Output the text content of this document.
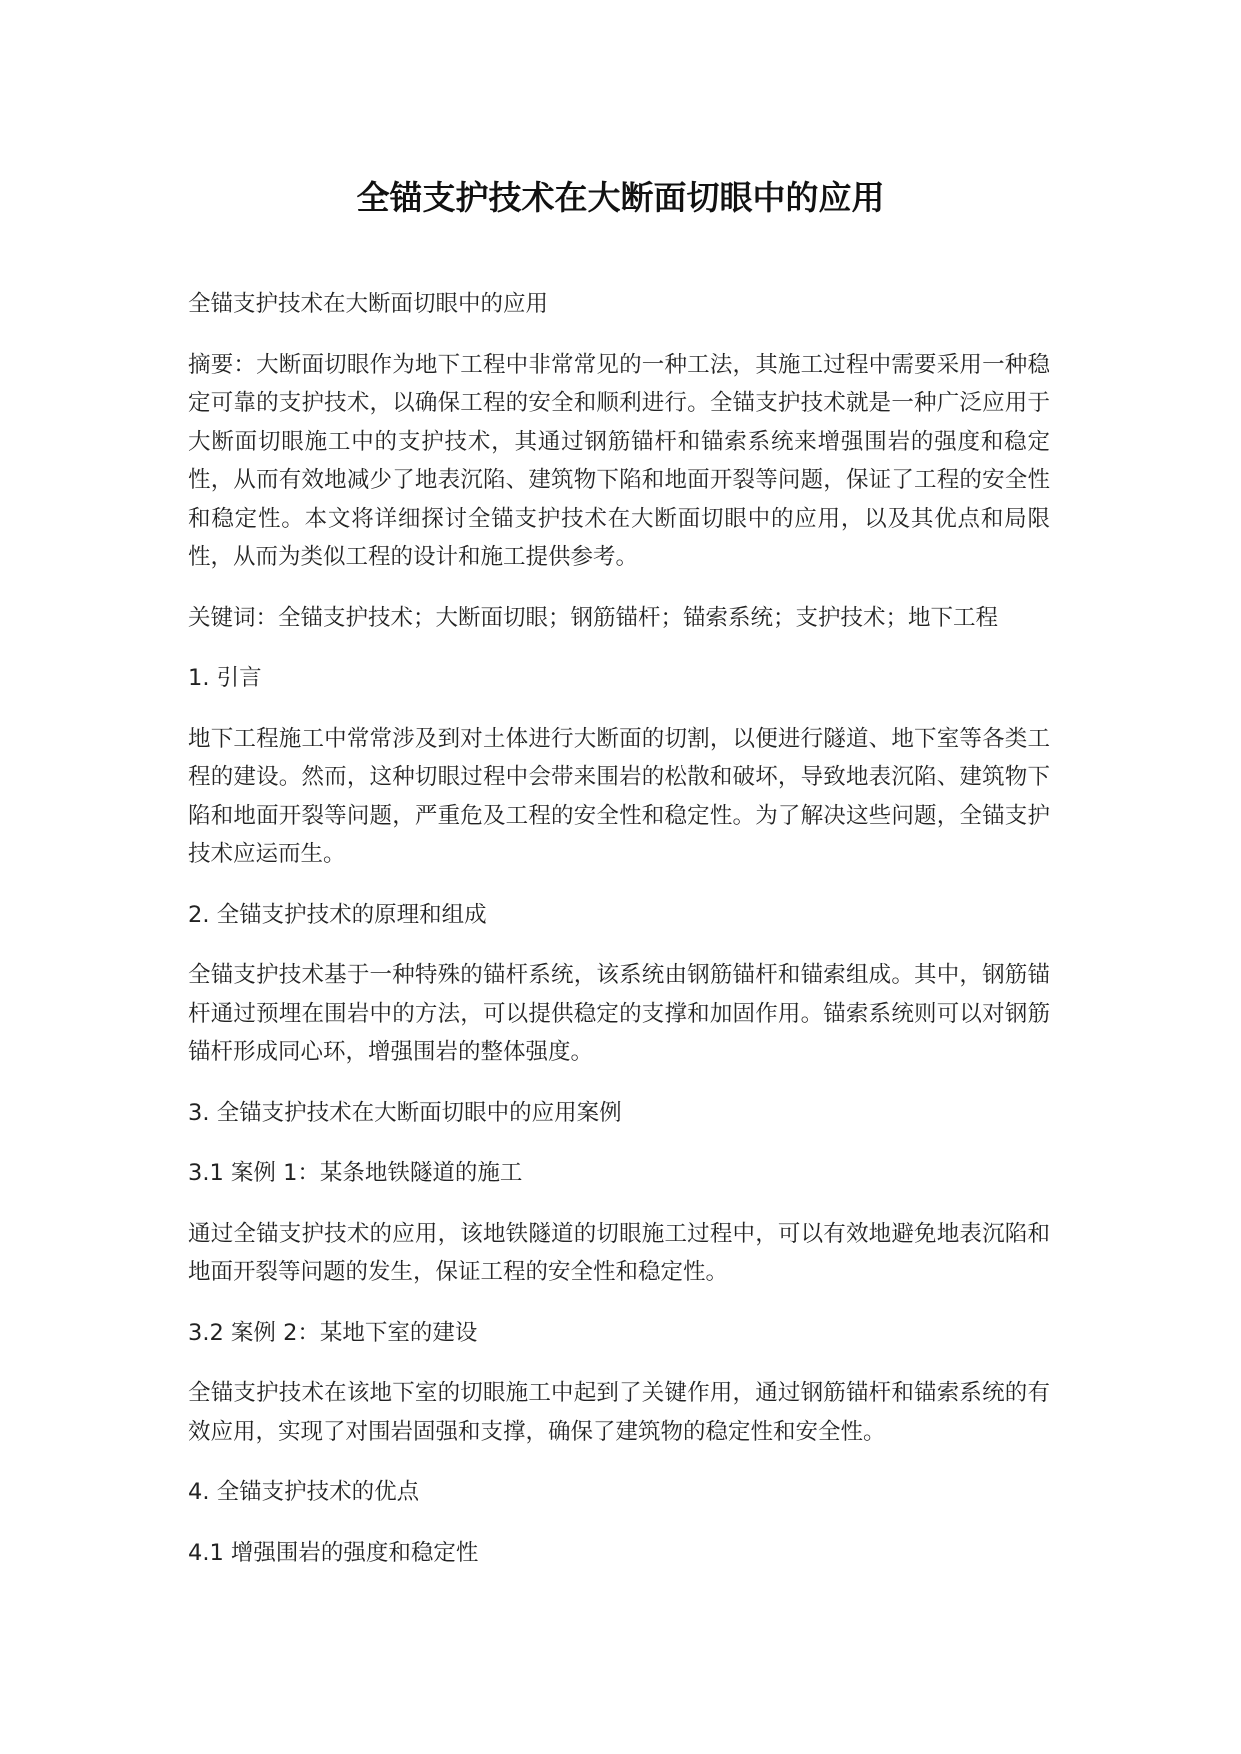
全锚支护技术在大断面切眼中的应用

全锚支护技术在大断面切眼中的应用

摘要：大断面切眼作为地下工程中非常常见的一种工法，其施工过程中需要采用一种稳定可靠的支护技术，以确保工程的安全和顺利进行。全锚支护技术就是一种广泛应用于大断面切眼施工中的支护技术，其通过钢筋锚杆和锚索系统来增强围岩的强度和稳定性，从而有效地减少了地表沉陷、建筑物下陷和地面开裂等问题，保证了工程的安全性和稳定性。本文将详细探讨全锚支护技术在大断面切眼中的应用，以及其优点和局限性，从而为类似工程的设计和施工提供参考。

关键词：全锚支护技术；大断面切眼；钢筋锚杆；锚索系统；支护技术；地下工程

1. 引言

地下工程施工中常常涉及到对土体进行大断面的切割，以便进行隧道、地下室等各类工程的建设。然而，这种切眼过程中会带来围岩的松散和破坏，导致地表沉陷、建筑物下陷和地面开裂等问题，严重危及工程的安全性和稳定性。为了解决这些问题，全锚支护技术应运而生。

2. 全锚支护技术的原理和组成

全锚支护技术基于一种特殊的锚杆系统，该系统由钢筋锚杆和锚索组成。其中，钢筋锚杆通过预埋在围岩中的方法，可以提供稳定的支撑和加固作用。锚索系统则可以对钢筋锚杆形成同心环，增强围岩的整体强度。

3. 全锚支护技术在大断面切眼中的应用案例

3.1 案例 1：某条地铁隧道的施工

通过全锚支护技术的应用，该地铁隧道的切眼施工过程中，可以有效地避免地表沉陷和地面开裂等问题的发生，保证工程的安全性和稳定性。

3.2 案例 2：某地下室的建设

全锚支护技术在该地下室的切眼施工中起到了关键作用，通过钢筋锚杆和锚索系统的有效应用，实现了对围岩固强和支撑，确保了建筑物的稳定性和安全性。

4. 全锚支护技术的优点

4.1 增强围岩的强度和稳定性
